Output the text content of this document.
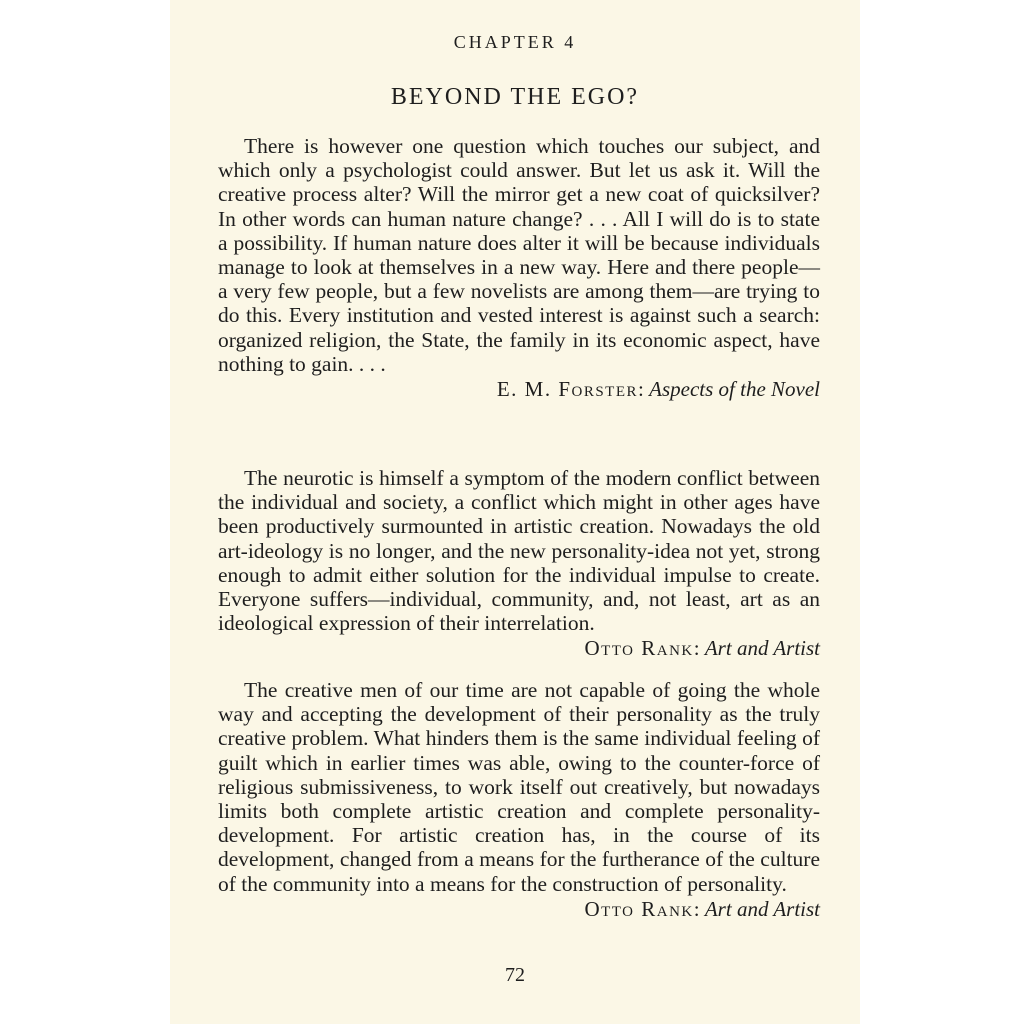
CHAPTER 4
BEYOND THE EGO?

There is however one question which touches our subject, and which only a psychologist could answer. But let us ask it. Will the creative process alter? Will the mirror get a new coat of quicksilver? In other words can human nature change? . . . All I will do is to state a possibility. If human nature does alter it will be because individuals manage to look at themselves in a new way. Here and there people—a very few people, but a few novelists are among them—are trying to do this. Every institution and vested interest is against such a search: organized religion, the State, the family in its economic aspect, have nothing to gain. . . .

E. M. Forster: Aspects of the Novel

The neurotic is himself a symptom of the modern conflict between the individual and society, a conflict which might in other ages have been productively surmounted in artistic creation. Nowadays the old art-ideology is no longer, and the new personality-idea not yet, strong enough to admit either solution for the individual impulse to create. Everyone suffers—individual, community, and, not least, art as an ideological expression of their interrelation.

Otto Rank: Art and Artist

The creative men of our time are not capable of going the whole way and accepting the development of their personality as the truly creative problem. What hinders them is the same individual feeling of guilt which in earlier times was able, owing to the counter-force of religious submissiveness, to work itself out creatively, but nowadays limits both complete artistic creation and complete personality-development. For artistic creation has, in the course of its development, changed from a means for the furtherance of the culture of the community into a means for the construction of personality.

Otto Rank: Art and Artist

72
